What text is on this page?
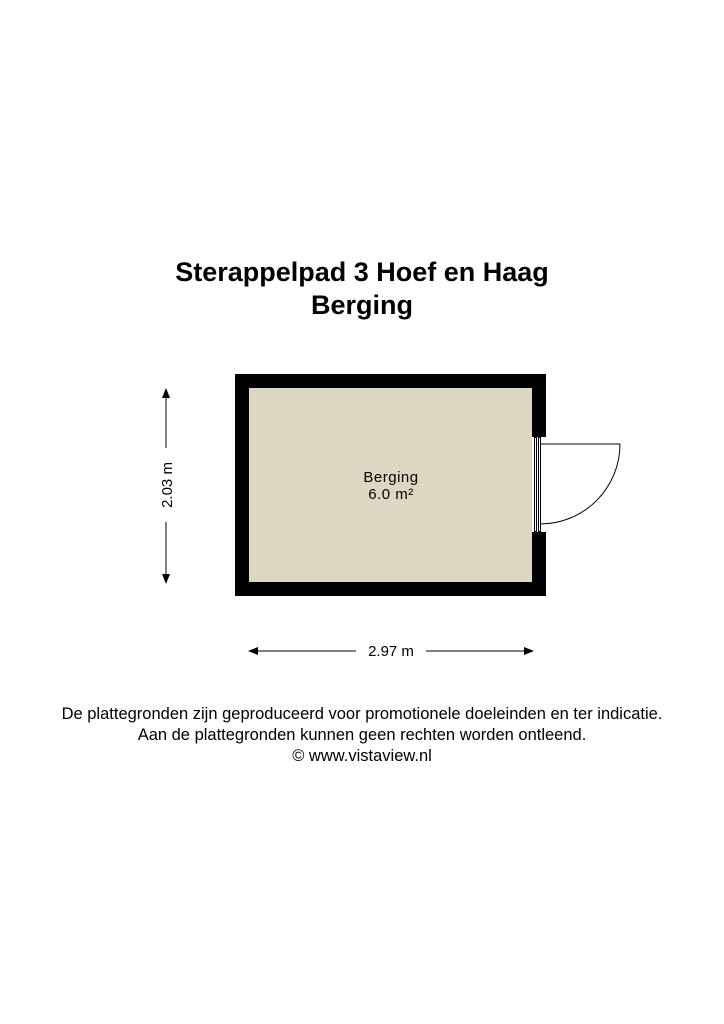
Sterappelpad 3 Hoef en Haag
Berging
Berging
6.0 m²
2.03 m
2.97 m
De plattegronden zijn geproduceerd voor promotionele doeleinden en ter indicatie.
Aan de plattegronden kunnen geen rechten worden ontleend.
© www.vistaview.nl
